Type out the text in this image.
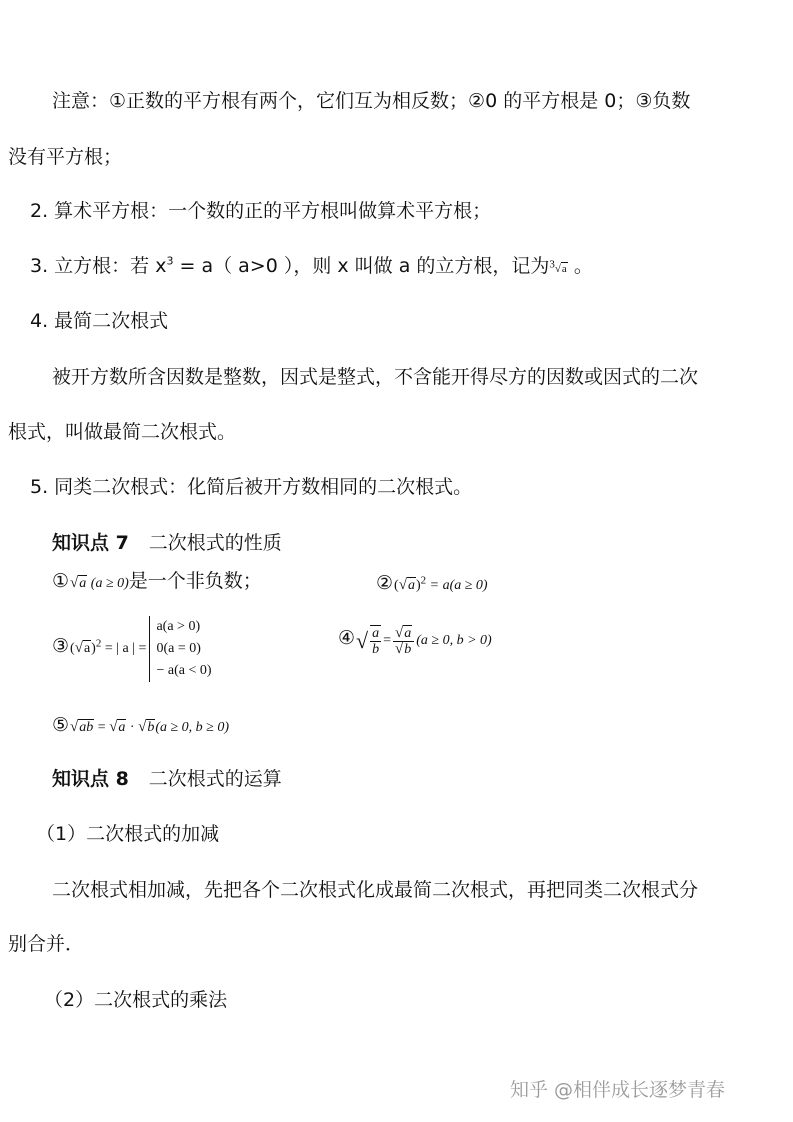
注意：①正数的平方根有两个，它们互为相反数；②0 的平方根是 0；③负数
没有平方根；
2. 算术平方根：一个数的正的平方根叫做算术平方根；
3. 立方根：若 $x^3 = a$（ a>0 ），则 x 叫做 a 的立方根，记为$^3$√a 。
4. 最简二次根式
被开方数所含因数是整数，因式是整式，不含能开得尽方的因数或因式的二次
根式，叫做最简二次根式。
5. 同类二次根式：化简后被开方数相同的二次根式。
知识点 7 二次根式的性质
①√a (a ≥ 0)是一个非负数；	$②(√a)^2 = a(a \ge 0)$
$③(√a)^2$ = | a | =
a(a > 0)
0(a = 0)
− a(a < 0)
④√ $\frac{a}{b} = \frac{√a}{√b} (a \ge 0$, b > 0)
⑤√ab = √a · √b(a ≥ 0, b ≥ 0)
知识点 8 二次根式的运算
（1）二次根式的加减
二次根式相加减，先把各个二次根式化成最简二次根式，再把同类二次根式分
别合并．
（2）二次根式的乘法
知乎 @相伴成长逐梦青春
